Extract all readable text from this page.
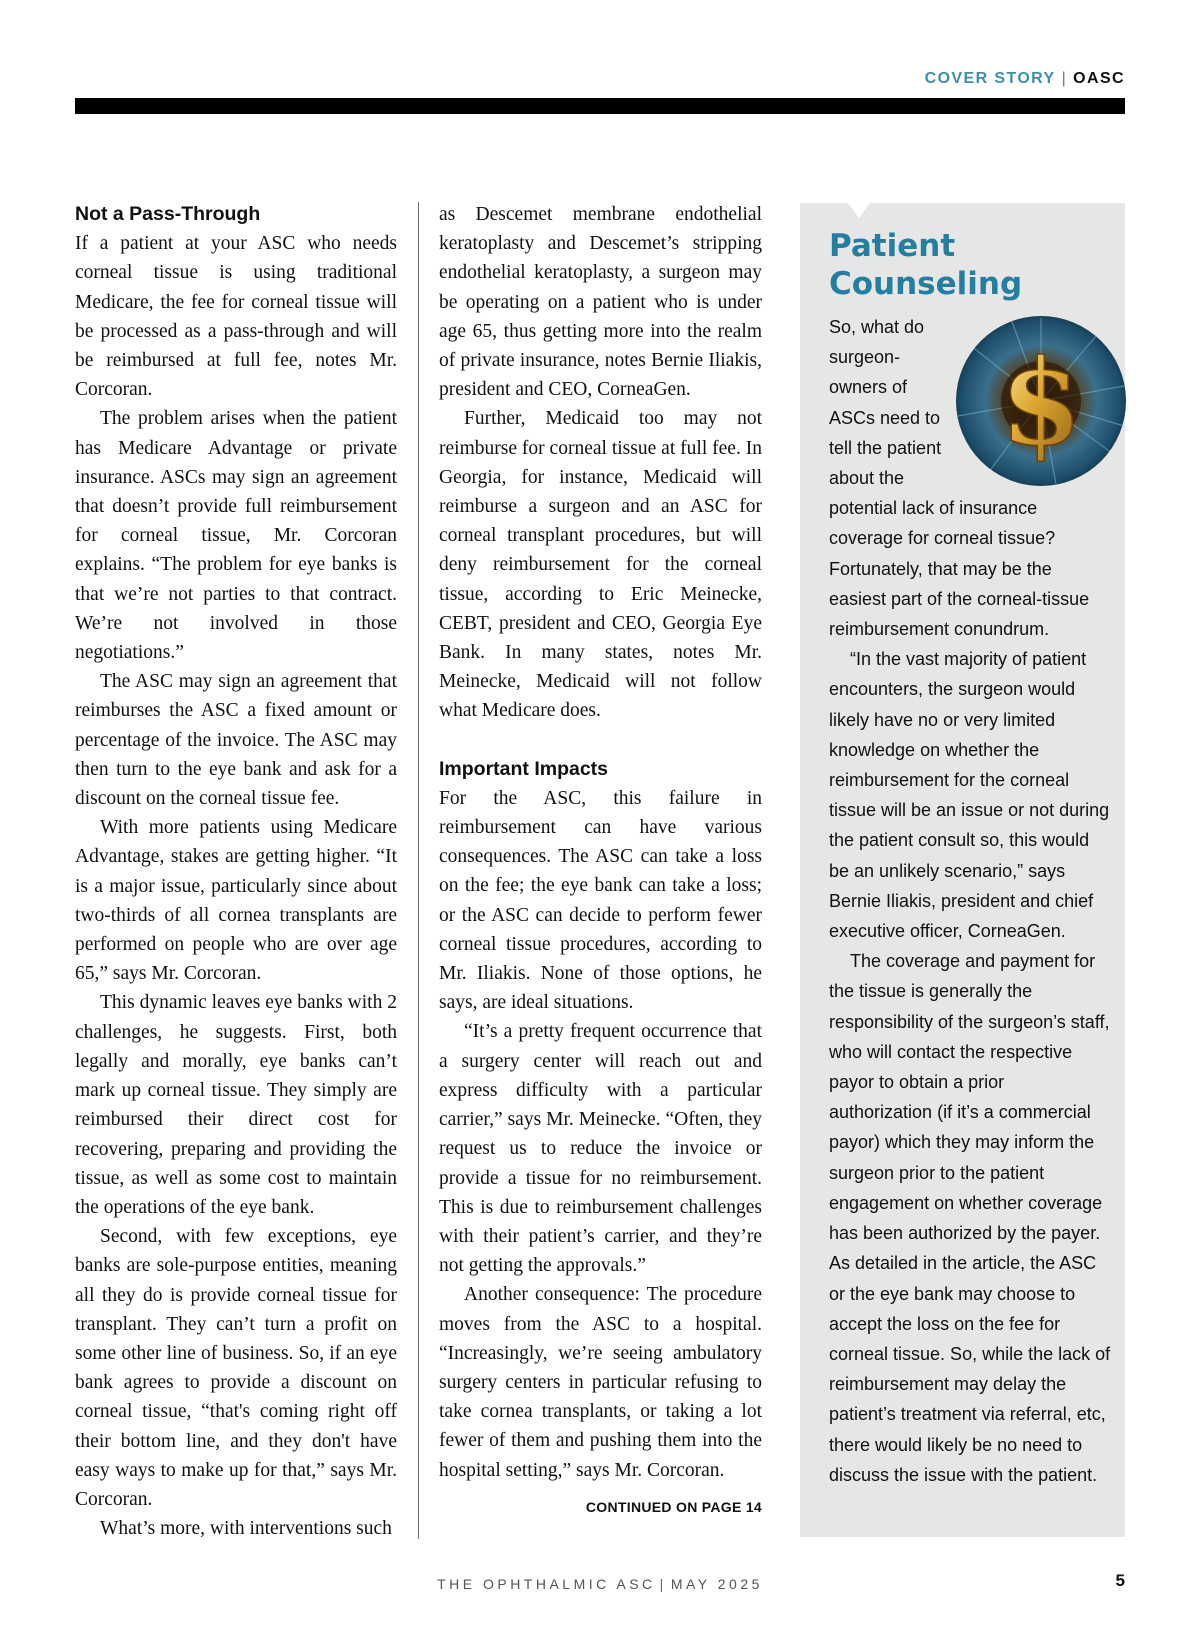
COVER STORY | OASC
Not a Pass-Through

If a patient at your ASC who needs corneal tissue is using traditional Medicare, the fee for corneal tissue will be processed as a pass-through and will be reimbursed at full fee, notes Mr. Corcoran.

The problem arises when the patient has Medicare Advantage or private insurance. ASCs may sign an agreement that doesn’t provide full reimbursement for corneal tissue, Mr. Corcoran explains. “The problem for eye banks is that we’re not parties to that contract. We’re not involved in those negotiations.”

The ASC may sign an agreement that reimburses the ASC a fixed amount or percentage of the invoice. The ASC may then turn to the eye bank and ask for a discount on the corneal tissue fee.

With more patients using Medicare Advantage, stakes are getting higher. “It is a major issue, particularly since about two-thirds of all cornea transplants are performed on people who are over age 65,” says Mr. Corcoran.

This dynamic leaves eye banks with 2 challenges, he suggests. First, both legally and morally, eye banks can’t mark up corneal tissue. They simply are reimbursed their direct cost for recovering, preparing and providing the tissue, as well as some cost to maintain the operations of the eye bank.

Second, with few exceptions, eye banks are sole-purpose entities, meaning all they do is provide corneal tissue for transplant. They can’t turn a profit on some other line of business. So, if an eye bank agrees to provide a discount on corneal tissue, “that's coming right off their bottom line, and they don't have easy ways to make up for that,” says Mr. Corcoran.

What’s more, with interventions such

as Descemet membrane endothelial keratoplasty and Descemet’s stripping endothelial keratoplasty, a surgeon may be operating on a patient who is under age 65, thus getting more into the realm of private insurance, notes Bernie Iliakis, president and CEO, CorneaGen.

Further, Medicaid too may not reimburse for corneal tissue at full fee. In Georgia, for instance, Medicaid will reimburse a surgeon and an ASC for corneal transplant procedures, but will deny reimbursement for the corneal tissue, according to Eric Meinecke, CEBT, president and CEO, Georgia Eye Bank. In many states, notes Mr. Meinecke, Medicaid will not follow what Medicare does.

Important Impacts

For the ASC, this failure in reimbursement can have various consequences. The ASC can take a loss on the fee; the eye bank can take a loss; or the ASC can decide to perform fewer corneal tissue procedures, according to Mr. Iliakis. None of those options, he says, are ideal situations.

“It’s a pretty frequent occurrence that a surgery center will reach out and express difficulty with a particular carrier,” says Mr. Meinecke. “Often, they request us to reduce the invoice or provide a tissue for no reimbursement. This is due to reimbursement challenges with their patient’s carrier, and they’re not getting the approvals.”

Another consequence: The procedure moves from the ASC to a hospital. “Increasingly, we’re seeing ambulatory surgery centers in particular refusing to take cornea transplants, or taking a lot fewer of them and pushing them into the hospital setting,” says Mr. Corcoran.

CONTINUED ON PAGE 14
Patient Counseling
$

So, what do surgeon-owners of ASCs need to tell the patient about the potential lack of insurance coverage for corneal tissue? Fortunately, that may be the easiest part of the corneal-tissue reimbursement conundrum.

“In the vast majority of patient encounters, the surgeon would likely have no or very limited knowledge on whether the reimbursement for the corneal tissue will be an issue or not during the patient consult so, this would be an unlikely scenario,” says Bernie Iliakis, president and chief executive officer, CorneaGen.

The coverage and payment for the tissue is generally the responsibility of the surgeon’s staff, who will contact the respective payor to obtain a prior authorization (if it’s a commercial payor) which they may inform the surgeon prior to the patient engagement on whether coverage has been authorized by the payer. As detailed in the article, the ASC or the eye bank may choose to accept the loss on the fee for corneal tissue. So, while the lack of reimbursement may delay the patient’s treatment via referral, etc, there would likely be no need to discuss the issue with the patient.

THE OPHTHALMIC ASC | MAY 2025	5
